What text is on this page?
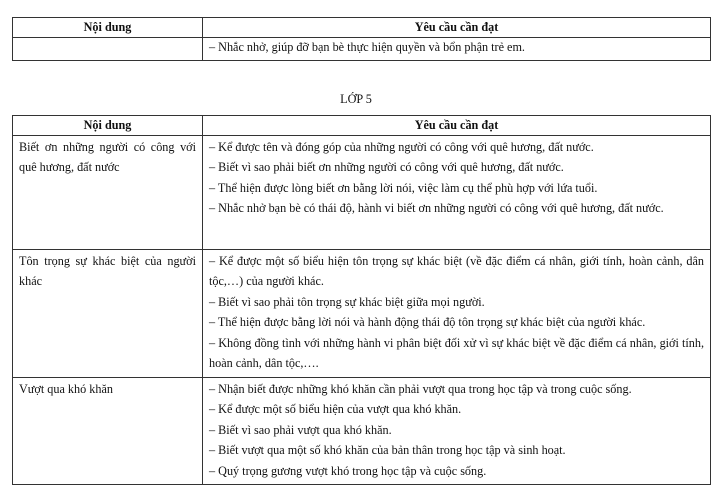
Nội dung	Yêu cầu cần đạt
	– Nhắc nhở, giúp đỡ bạn bè thực hiện quyền và bổn phận trẻ em.
LỚP 5
Nội dung	Yêu cầu cần đạt
Biết ơn những người có công với quê hương, đất nước	– Kể được tên và đóng góp của những người có công với quê hương, đất nước.

– Biết vì sao phải biết ơn những người có công với quê hương, đất nước.

– Thể hiện được lòng biết ơn bằng lời nói, việc làm cụ thể phù hợp với lứa tuổi.

– Nhắc nhở bạn bè có thái độ, hành vi biết ơn những người có công với quê hương, đất nước.

Tôn trọng sự khác biệt của người khác	– Kể được một số biểu hiện tôn trọng sự khác biệt (về đặc điểm cá nhân, giới tính, hoàn cảnh, dân tộc,…) của người khác.

– Biết vì sao phải tôn trọng sự khác biệt giữa mọi người.

– Thể hiện được bằng lời nói và hành động thái độ tôn trọng sự khác biệt của người khác.

– Không đồng tình với những hành vi phân biệt đối xử vì sự khác biệt về đặc điểm cá nhân, giới tính, hoàn cảnh, dân tộc,….

Vượt qua khó khăn	– Nhận biết được những khó khăn cần phải vượt qua trong học tập và trong cuộc sống.

– Kể được một số biểu hiện của vượt qua khó khăn.

– Biết vì sao phải vượt qua khó khăn.

– Biết vượt qua một số khó khăn của bản thân trong học tập và sinh hoạt.

– Quý trọng gương vượt khó trong học tập và cuộc sống.
